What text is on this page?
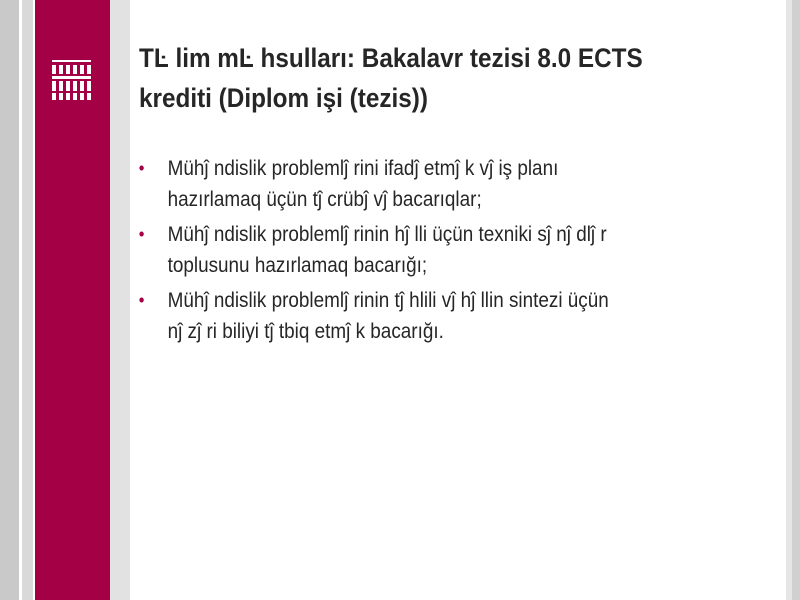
TĿ lim mĿ hsulları: Bakalavr tezisi 8.0 ECTS
krediti (Diplom işi (tezis))
• Mühĵ ndislik problemlĵ rini ifadĵ etmĵ k vĵ iş planı
hazırlamaq üçün tĵ crübĵ vĵ bacarıqlar;
• Mühĵ ndislik problemlĵ rinin hĵ lli üçün texniki sĵ nĵ dlĵ r
toplusunu hazırlamaq bacarığı;
• Mühĵ ndislik problemlĵ rinin tĵ hlili vĵ hĵ llin sintezi üçün
nĵ zĵ ri biliyi tĵ tbiq etmĵ k bacarığı.
